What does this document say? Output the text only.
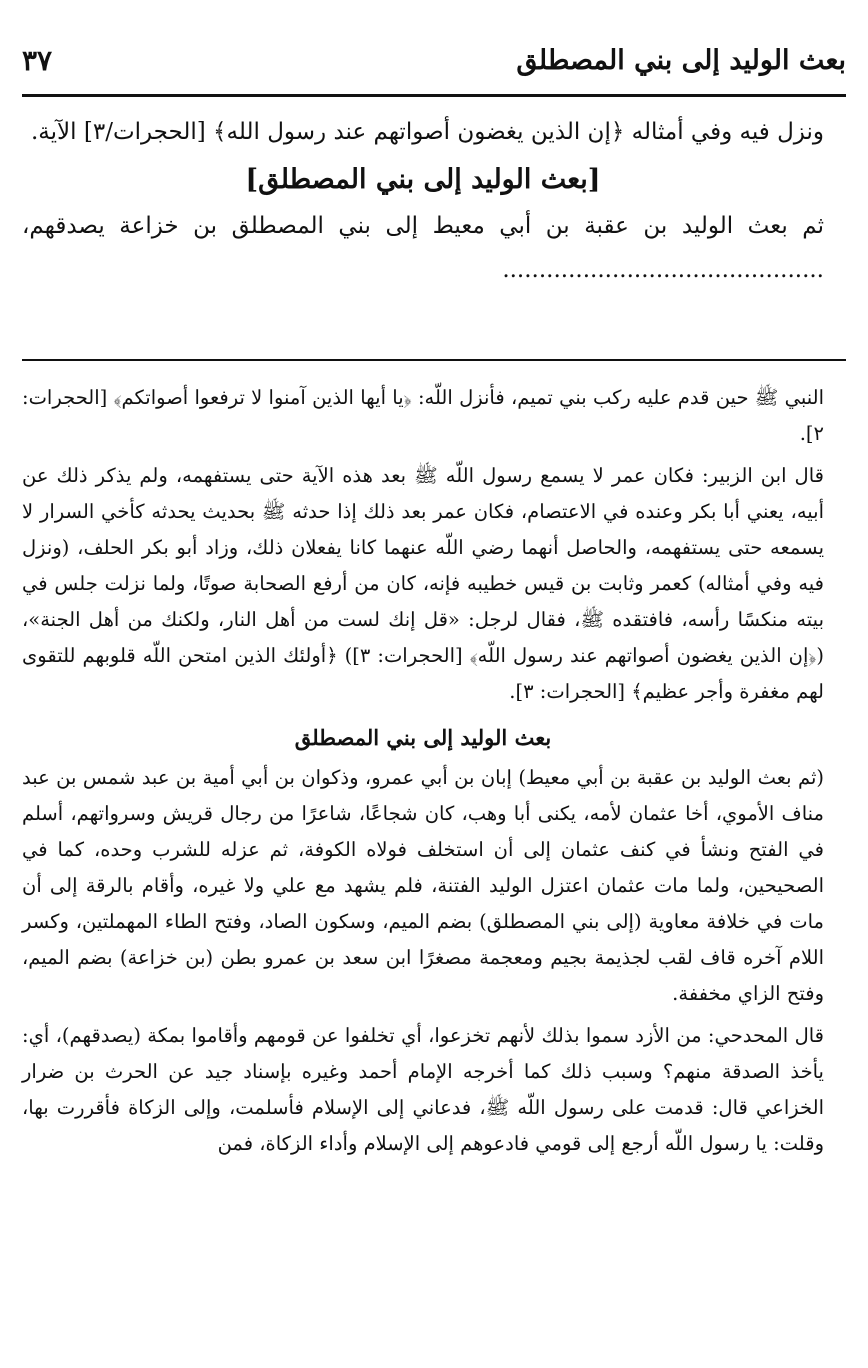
بعث الوليد إلى بني المصطلق
٣٧

ونزل فيه وفي أمثاله ﴿إن الذين يغضون أصواتهم عند رسول الله﴾ [الحجرات/٣] الآية.

[بعث الوليد إلى بني المصطلق]

ثم بعث الوليد بن عقبة بن أبي معيط إلى بني المصطلق بن خزاعة يصدقهم، ............................................

النبي ﷺ حين قدم عليه ركب بني تميم، فأنزل اللّه: ﴿يا أيها الذين آمنوا لا ترفعوا أصواتكم﴾ [الحجرات: ٢].

قال ابن الزبير: فكان عمر لا يسمع رسول اللّه ﷺ بعد هذه الآية حتى يستفهمه، ولم يذكر ذلك عن أبيه، يعني أبا بكر وعنده في الاعتصام، فكان عمر بعد ذلك إذا حدثه ﷺ بحديث يحدثه كأخي السرار لا يسمعه حتى يستفهمه، والحاصل أنهما رضي اللّه عنهما كانا يفعلان ذلك، وزاد أبو بكر الحلف، (ونزل فيه وفي أمثاله) كعمر وثابت بن قيس خطيبه فإنه، كان من أرفع الصحابة صوتًا، ولما نزلت جلس في بيته منكسًا رأسه، فافتقده ﷺ، فقال لرجل: «قل إنك لست من أهل النار، ولكنك من أهل الجنة»، (﴿إن الذين يغضون أصواتهم عند رسول اللّه﴾ [الحجرات: ٣]) ﴿أولئك الذين امتحن اللّه قلوبهم للتقوى لهم مغفرة وأجر عظيم﴾ [الحجرات: ٣].

بعث الوليد إلى بني المصطلق

(ثم بعث الوليد بن عقبة بن أبي معيط) إبان بن أبي عمرو، وذكوان بن أبي أمية بن عبد شمس بن عبد مناف الأموي، أخا عثمان لأمه، يكنى أبا وهب، كان شجاعًا، شاعرًا من رجال قريش وسرواتهم، أسلم في الفتح ونشأ في كنف عثمان إلى أن استخلف فولاه الكوفة، ثم عزله للشرب وحده، كما في الصحيحين، ولما مات عثمان اعتزل الوليد الفتنة، فلم يشهد مع علي ولا غيره، وأقام بالرقة إلى أن مات في خلافة معاوية (إلى بني المصطلق) بضم الميم، وسكون الصاد، وفتح الطاء المهملتين، وكسر اللام آخره قاف لقب لجذيمة بجيم ومعجمة مصغرًا ابن سعد بن عمرو بطن (بن خزاعة) بضم الميم، وفتح الزاي مخففة.

قال المحدحي: من الأزد سموا بذلك لأنهم تخزعوا، أي تخلفوا عن قومهم وأقاموا بمكة (يصدقهم)، أي: يأخذ الصدقة منهم؟ وسبب ذلك كما أخرجه الإمام أحمد وغيره بإسناد جيد عن الحرث بن ضرار الخزاعي قال: قدمت على رسول اللّه ﷺ، فدعاني إلى الإسلام فأسلمت، وإلى الزكاة فأقررت بها، وقلت: يا رسول اللّه أرجع إلى قومي فادعوهم إلى الإسلام وأداء الزكاة، فمن
